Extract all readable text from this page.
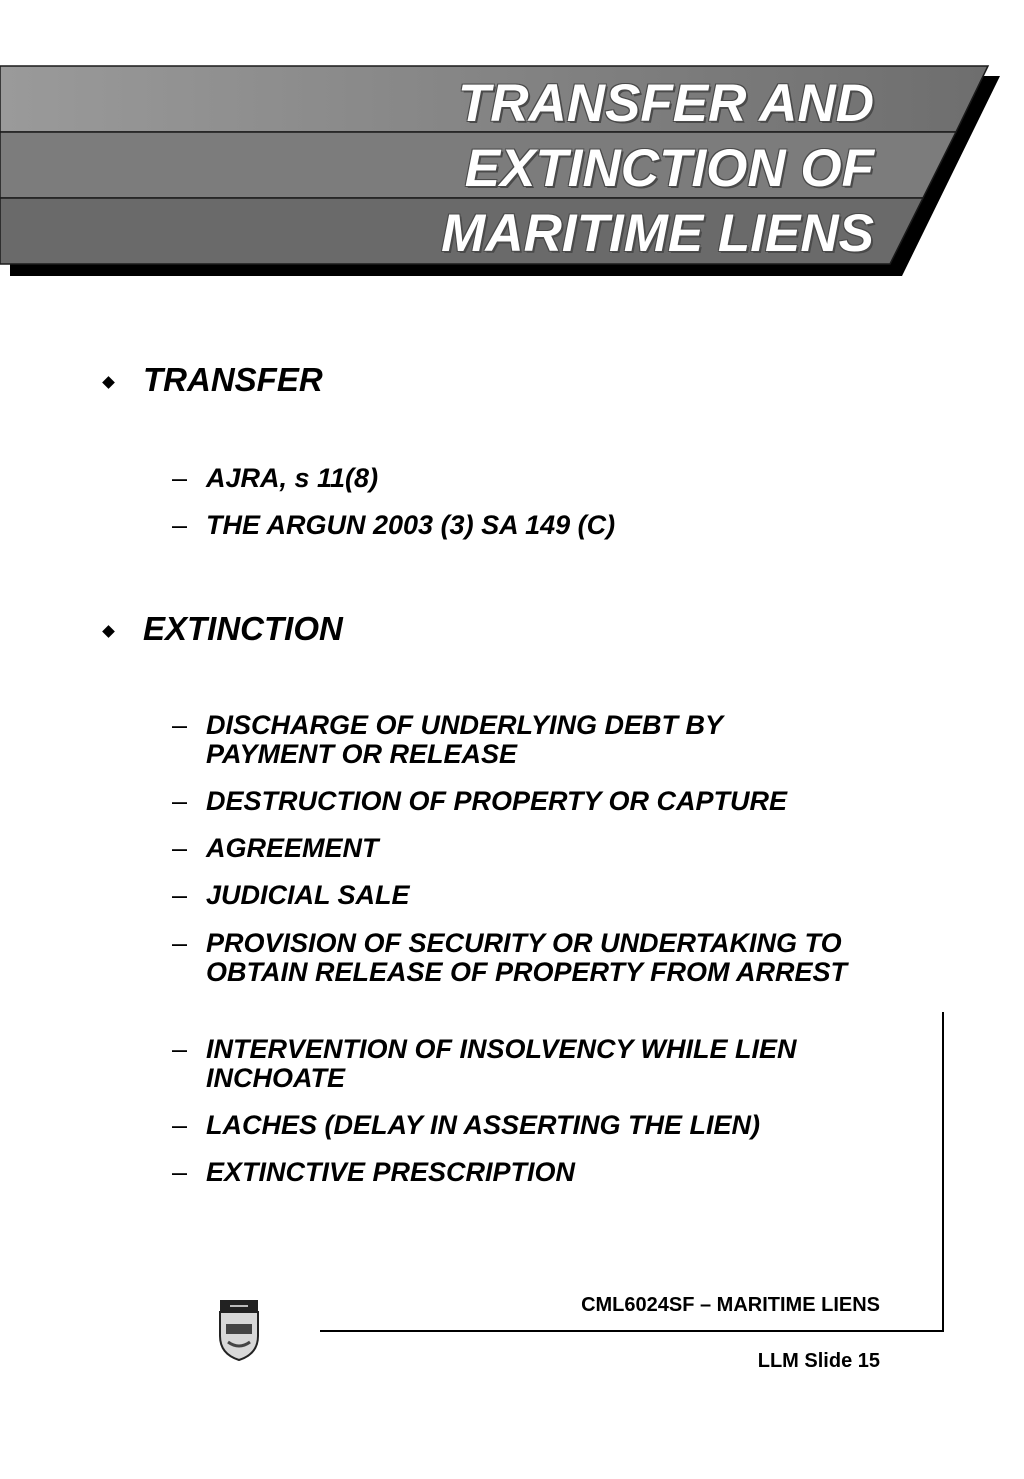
TRANSFER AND
EXTINCTION OF
MARITIME LIENS
TRANSFER
– AJRA, s 11(8)
– THE ARGUN 2003 (3) SA 149 (C)
EXTINCTION
– DISCHARGE OF UNDERLYING DEBT BY PAYMENT OR RELEASE
– DESTRUCTION OF PROPERTY OR CAPTURE
– AGREEMENT
– JUDICIAL SALE
– PROVISION OF SECURITY OR UNDERTAKING TO OBTAIN RELEASE OF PROPERTY FROM ARREST
– INTERVENTION OF INSOLVENCY WHILE LIEN INCHOATE
– LACHES (DELAY IN ASSERTING THE LIEN)
– EXTINCTIVE PRESCRIPTION
CML6024SF – MARITIME LIENS
LLM Slide 15
